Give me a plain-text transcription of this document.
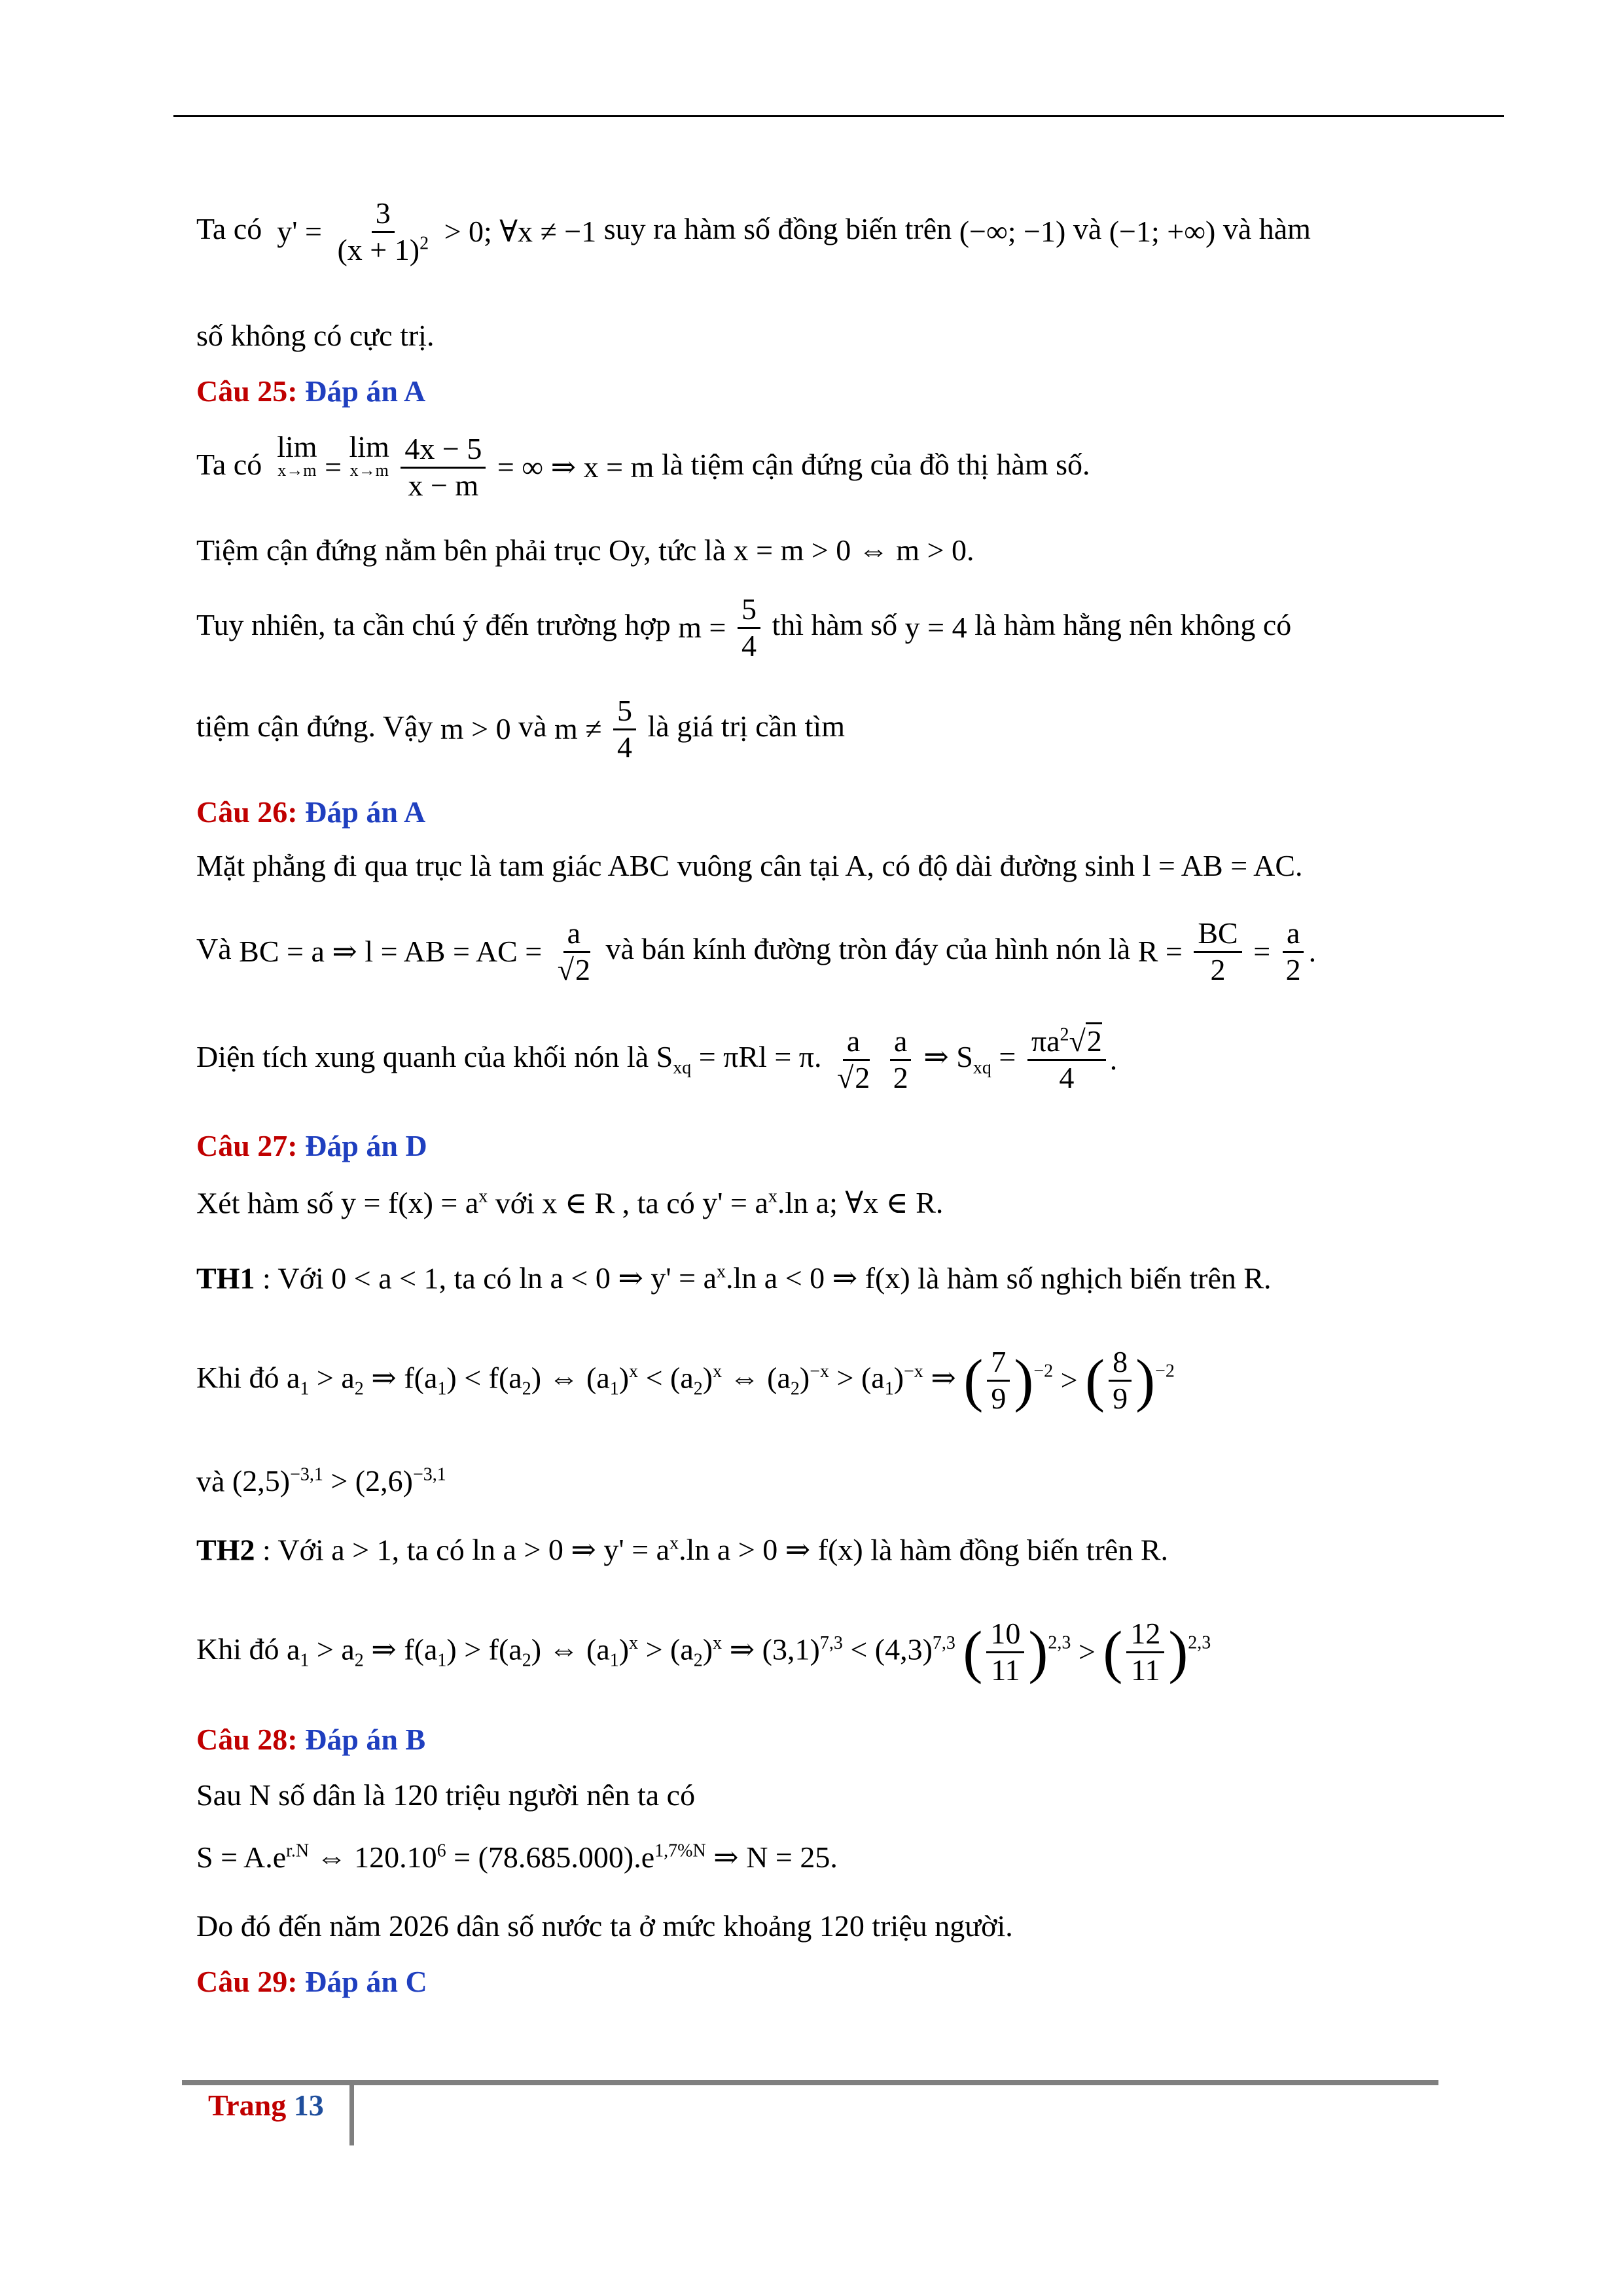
Ta có $y' = \frac{3}{(x + 1)^2} > 0$; ∀x ≠ −1 suy ra hàm số đồng biến trên (−∞; −1) và (−1; +∞) và hàm
số không có cực trị.
Câu 25: Đáp án A
Ta có
lim
x→m =
lim
x→m
$\frac{4x - 5}{x - m}$ = ∞ ⇒ x = m là tiệm cận đứng của đồ thị hàm số.
Tiệm cận đứng nằm bên phải trục Oy, tức là x = m > 0 ⇔ m > 0.
Tuy nhiên, ta cần chú ý đến trường hợp $m = \frac{5}{4}$ thì hàm số y = 4 là hàm hằng nên không có
tiệm cận đứng. Vậy m > 0 và $m \ne \frac{5}{4}$ là giá trị cần tìm
Câu 26: Đáp án A
Mặt phẳng đi qua trục là tam giác ABC vuông cân tại A, có độ dài đường sinh l = AB = AC.
Và BC = a ⇒ l = AB = AC = $\frac{a}{√2}$ và bán kính đường tròn đáy của hình nón là $R = \frac{BC}{2} = \frac{a}{2}$ .
Diện tích xung quanh của khối nón là $S_{xq} = \pi Rl = \pi$. $\frac{a}{√2}$
$\frac{a}{2}$ ⇒ $S_{xq} = \frac{\pi a^2√2}{4}$ .
Câu 27: Đáp án D
Xét hàm số $y = f(x) = a^x$ với x ∈ R , ta có $y' = a^x.\ln$ a; ∀x ∈ R.
TH1 : Với 0 < a < 1, ta có ln a < 0 ⇒ $y' = a^x.\ln$ a < 0 ⇒ f(x) là hàm số nghịch biến trên R.
Khi đó $a_1 > a_2$ ⇒ $f(a_1) < f(a_2)$ ⇔ $(a_1)^x < (a_2)^x$ ⇔ $(a_2)^{-x} > (a_1)^{-x}$ ⇒ ( $\frac{7}{9} )^{-2}$ > ( $\frac{8}{9} )^{-2}$
và $(2,5)^{-3,1} > (2,6)^{-3,1}$
TH2 : Với a > 1, ta có ln a > 0 ⇒ $y' = a^x.\ln$ a > 0 ⇒ f(x) là hàm đồng biến trên R.
Khi đó $a_1 > a_2$ ⇒ $f(a_1) > f(a_2)$ ⇔ $(a_1)^x > (a_2)^x$ ⇒ $(3,1)^{7,3} < (4,3)^{7,3}$ ( $\frac{10}{11} )^{2,3}$ > ( $\frac{12}{11} )^{2,3}$
Câu 28: Đáp án B
Sau N số dân là 120 triệu người nên ta có
$S = A.e^{r.N}$ ⇔ $120.10^6 = (78.685.000).e^{1,7\%N}$ ⇒ N = 25.
Do đó đến năm 2026 dân số nước ta ở mức khoảng 120 triệu người.
Câu 29: Đáp án C
Trang 13
